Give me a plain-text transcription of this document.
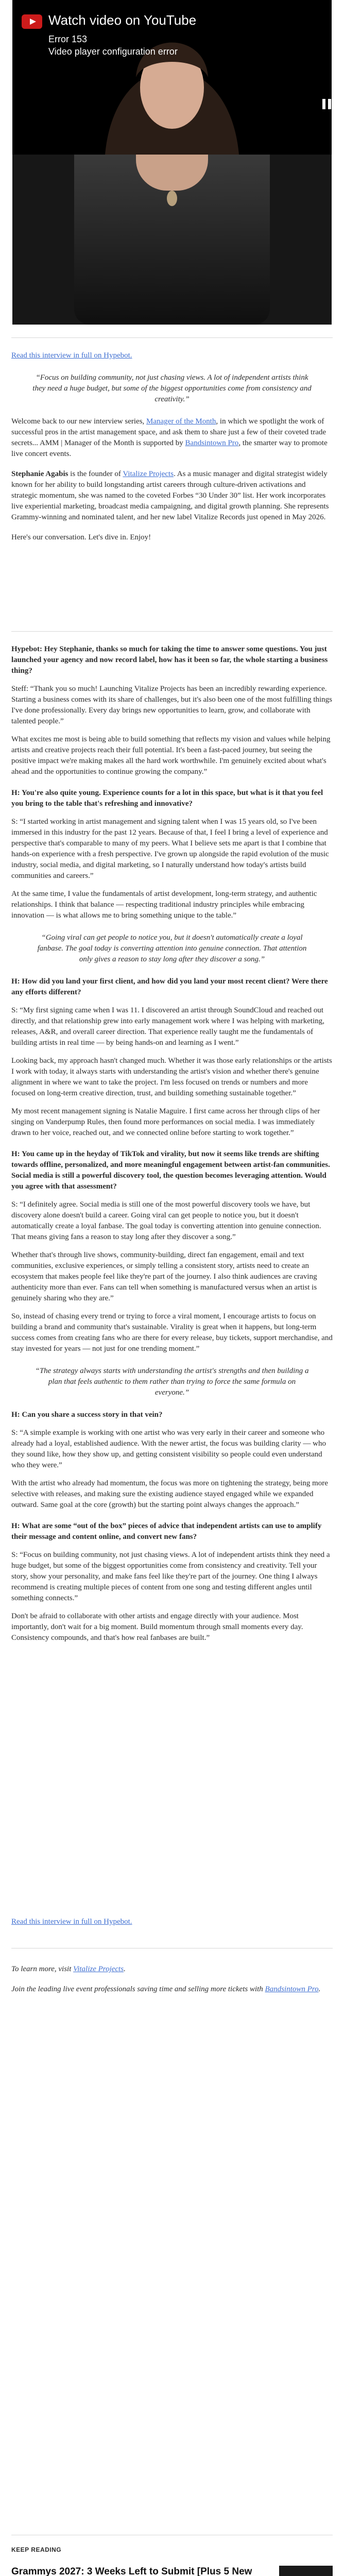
Watch video on YouTube
Error 153
Video player configuration error

Read this interview in full on Hypebot.

“Focus on building community, not just chasing views. A lot of independent artists think they need a huge budget, but some of the biggest opportunities come from consistency and creativity.”

Welcome back to our new interview series, Manager of the Month, in which we spotlight the work of successful pros in the artist management space, and ask them to share just a few of their coveted trade secrets... AMM | Manager of the Month is supported by Bandsintown Pro, the smarter way to promote live concert events.

Stephanie Agabis is the founder of Vitalize Projects. As a music manager and digital strategist widely known for her ability to build longstanding artist careers through culture-driven activations and strategic momentum, she was named to the coveted Forbes “30 Under 30” list. Her work incorporates live experiential marketing, broadcast media campaigning, and digital growth planning. She represents Grammy-winning and nominated talent, and her new label Vitalize Records just opened in May 2026.

Here's our conversation. Let's dive in. Enjoy!

Hypebot: Hey Stephanie, thanks so much for taking the time to answer some questions. You just launched your agency and now record label, how has it been so far, the whole starting a business thing?

Steff: “Thank you so much! Launching Vitalize Projects has been an incredibly rewarding experience. Starting a business comes with its share of challenges, but it's also been one of the most fulfilling things I've done professionally. Every day brings new opportunities to learn, grow, and collaborate with talented people.”

What excites me most is being able to build something that reflects my vision and values while helping artists and creative projects reach their full potential. It's been a fast-paced journey, but seeing the positive impact we're making makes all the hard work worthwhile. I'm genuinely excited about what's ahead and the opportunities to continue growing the company.”

H: You're also quite young. Experience counts for a lot in this space, but what is it that you feel you bring to the table that's refreshing and innovative?

S: “I started working in artist management and signing talent when I was 15 years old, so I've been immersed in this industry for the past 12 years. Because of that, I feel I bring a level of experience and perspective that's comparable to many of my peers. What I believe sets me apart is that I combine that hands-on experience with a fresh perspective. I've grown up alongside the rapid evolution of the music industry, social media, and digital marketing, so I naturally understand how today's artists build communities and careers.”

At the same time, I value the fundamentals of artist development, long-term strategy, and authentic relationships. I think that balance — respecting traditional industry principles while embracing innovation — is what allows me to bring something unique to the table.”

“Going viral can get people to notice you, but it doesn't automatically create a loyal fanbase. The goal today is converting attention into genuine connection. That attention only gives a reason to stay long after they discover a song.”

H: How did you land your first client, and how did you land your most recent client? Were there any efforts different?

S: “My first signing came when I was 11. I discovered an artist through SoundCloud and reached out directly, and that relationship grew into early management work where I was helping with marketing, releases, A&R, and overall career direction. That experience really taught me the fundamentals of building artists in real time — by being hands-on and learning as I went.”

Looking back, my approach hasn't changed much. Whether it was those early relationships or the artists I work with today, it always starts with understanding the artist's vision and whether there's genuine alignment in where we want to take the project. I'm less focused on trends or numbers and more focused on long-term creative direction, trust, and building something sustainable together.”

My most recent management signing is Natalie Maguire. I first came across her through clips of her singing on Vanderpump Rules, then found more performances on social media. I was immediately drawn to her voice, reached out, and we connected online before starting to work together.”

H: You came up in the heyday of TikTok and virality, but now it seems like trends are shifting towards offline, personalized, and more meaningful engagement between artist-fan communities. Social media is still a powerful discovery tool, the question becomes leveraging attention. Would you agree with that assessment?

S: “I definitely agree. Social media is still one of the most powerful discovery tools we have, but discovery alone doesn't build a career. Going viral can get people to notice you, but it doesn't automatically create a loyal fanbase. The goal today is converting attention into genuine connection. That means giving fans a reason to stay long after they discover a song.”

Whether that's through live shows, community-building, direct fan engagement, email and text communities, exclusive experiences, or simply telling a consistent story, artists need to create an ecosystem that makes people feel like they're part of the journey. I also think audiences are craving authenticity more than ever. Fans can tell when something is manufactured versus when an artist is genuinely sharing who they are.”

So, instead of chasing every trend or trying to force a viral moment, I encourage artists to focus on building a brand and community that's sustainable. Virality is great when it happens, but long-term success comes from creating fans who are there for every release, buy tickets, support merchandise, and stay invested for years — not just for one trending moment.”

“The strategy always starts with understanding the artist's strengths and then building a plan that feels authentic to them rather than trying to force the same formula on everyone.”

H: Can you share a success story in that vein?

S: “A simple example is working with one artist who was very early in their career and someone who already had a loyal, established audience. With the newer artist, the focus was building clarity — who they sound like, how they show up, and getting consistent visibility so people could even understand who they were.”

With the artist who already had momentum, the focus was more on tightening the strategy, being more selective with releases, and making sure the existing audience stayed engaged while we expanded outward. Same goal at the core (growth) but the starting point always changes the approach.”

H: What are some “out of the box” pieces of advice that independent artists can use to amplify their message and content online, and convert new fans?

S: “Focus on building community, not just chasing views. A lot of independent artists think they need a huge budget, but some of the biggest opportunities come from consistency and creativity. Tell your story, show your personality, and make fans feel like they're part of the journey. One thing I always recommend is creating multiple pieces of content from one song and testing different angles until something connects.”

Don't be afraid to collaborate with other artists and engage directly with your audience. Most importantly, don't wait for a big moment. Build momentum through small moments every day. Consistency compounds, and that's how real fanbases are built.”

Read this interview in full on Hypebot.

To learn more, visit Vitalize Projects.

Join the leading live event professionals saving time and selling more tickets with Bandsintown Pro.

KEEP READING
Grammys 2027: 3 Weeks Left to Submit [Plus 5 New
